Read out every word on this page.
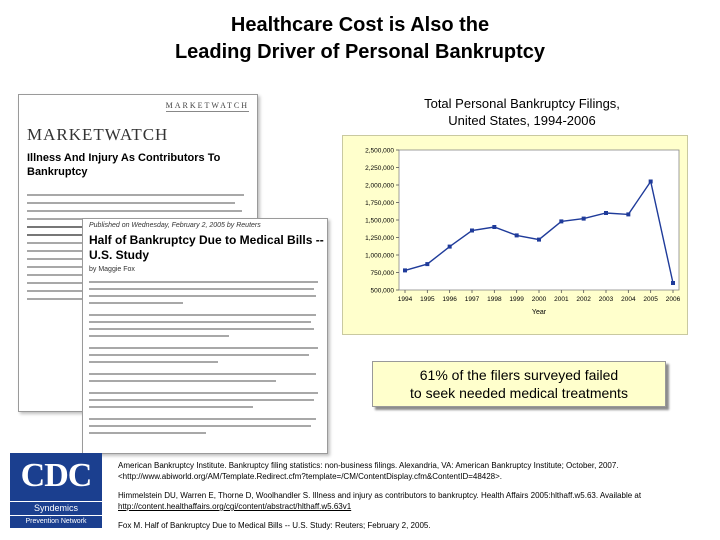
Healthcare Cost is Also the
Leading Driver of Personal Bankruptcy
MARKETWATCH
MARKETWATCH
Illness And Injury As Contributors To Bankruptcy
Published on Wednesday, February 2, 2005 by Reuters
Half of Bankruptcy Due to Medical Bills -- U.S. Study
by Maggie Fox
Total Personal Bankruptcy Filings,
United States, 1994-2006
500,000
750,000
1,000,000
1,250,000
1,500,000
1,750,000
2,000,000
2,250,000
2,500,000
1994 1995 1996 1997 1998 1999 2000 2001 2002 2003 2004 2005 2006
Year
61% of the filers surveyed failed
to seek needed medical treatments
CDC
Syndemics
Prevention Network
American Bankruptcy Institute. Bankruptcy filing statistics: non-business filings. Alexandria, VA: American Bankruptcy Institute; October, 2007. <http://www.abiworld.org/AM/Template.Redirect.cfm?template=/CM/ContentDisplay.cfm&ContentID=48428>.
Himmelstein DU, Warren E, Thorne D, Woolhandler S. Illness and injury as contributors to bankruptcy. Health Affairs 2005:hlthaff.w5.63. Available at http://content.healthaffairs.org/cgi/content/abstract/hlthaff.w5.63v1
Fox M. Half of Bankruptcy Due to Medical Bills -- U.S. Study: Reuters; February 2, 2005.
